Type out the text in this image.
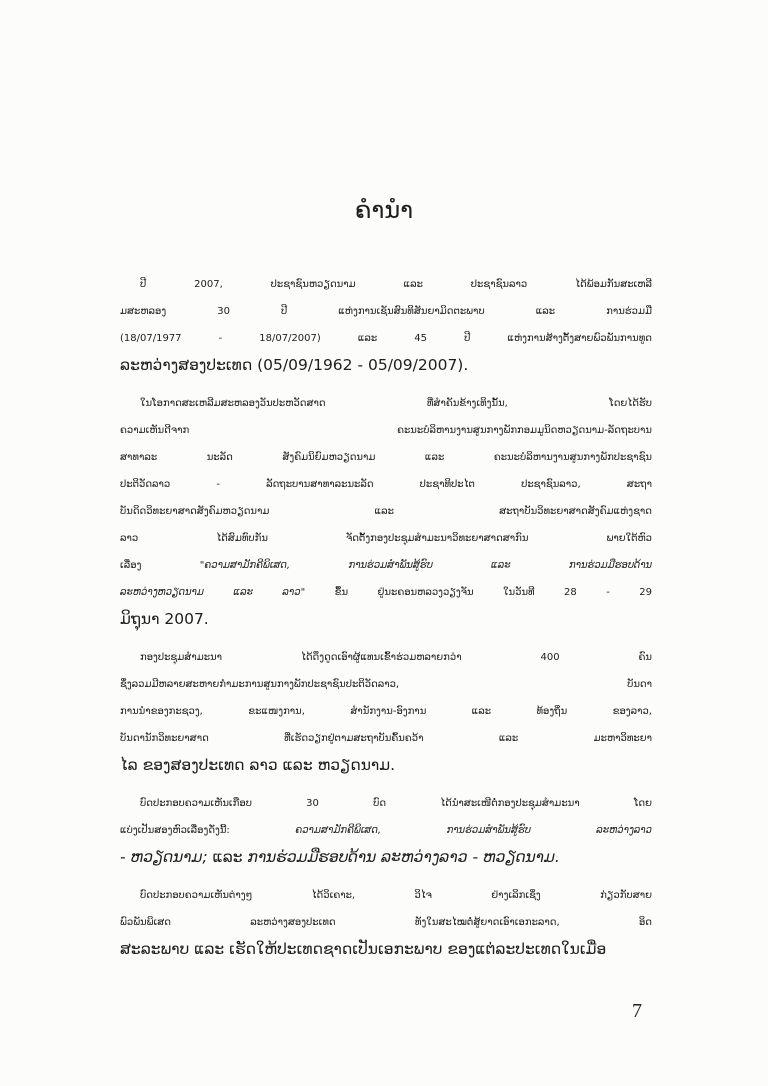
ຄຳນຳ
ປີ 2007, ປະຊາຊົນຫວຽດນາມ ແລະ ປະຊາຊົນລາວ ໄດ້ພ້ອມກັນສະເຫລີ
ມສະຫລອງ 30 ປີ ແຫ່ງການເຊັນສົນທິສັນຍາມິດຕະພາບ ແລະ ການຮ່ວມມື
(18/07/1977 - 18/07/2007) ແລະ 45 ປີ ແຫ່ງການສ້າງຕັ້ງສາຍພົວພັນການທູດ
ລະຫວ່າງສອງປະເທດ (05/09/1962 - 05/09/2007).
ໃນໂອກາດສະເຫລີມສະຫລອງວັນປະຫວັດສາດ ທີ່ສຳຄັນຂ້າງເທິງນັ້ນ, ໂດຍໄດ້ຮັບ
ຄວາມເຫັນດີຈາກ ຄະນະບໍລິຫານງານສູນກາງພັກກອມມູນິດຫວຽດນາມ-ລັດຖະບານ
ສາທາລະ ນະລັດ ສັງຄົມນິຍົມຫວຽດນາມ ແລະ ຄະນະບໍລິຫານງານສູນກາງພັກປະຊາຊົນ
ປະຕິວັດລາວ - ລັດຖະບານສາທາລະນະລັດ ປະຊາທິປະໄຕ ປະຊາຊົນລາວ, ສະຖາ
ບັນດິດວິທະຍາສາດສັງຄົມຫວຽດນາມ ແລະ ສະຖາບັນວິທະຍາສາດສັງຄົມແຫ່ງຊາດ
ລາວ ໄດ້ສົມທົບກັນ ຈັດຕັ້ງກອງປະຊຸມສຳມະນາວິທະຍາສາດສາກົນ ພາຍໃຕ້ຫົວ
ເລື່ອງ "ຄວາມສາມັກຄີພິເສດ, ການຮ່ວມສຳພັນສູ້ຮົບ ແລະ ການຮ່ວມມືຮອບດ້ານ
ລະຫວ່າງຫວຽດນາມ ແລະ ລາວ" ຂຶ້ນ ຢູ່ນະຄອນຫລວງວຽງຈັນ ໃນວັນທີ 28 - 29
ມິຖຸນາ 2007.
ກອງປະຊຸມສຳມະນາ ໄດ້ດຶງດູດເອົາຜູ້ແທນເຂົ້າຮ່ວມຫລາຍກວ່າ 400 ຄົນ
ຊຶ່ງລວມມີຫລາຍສະຫາຍກຳມະການສູນກາງພັກປະຊາຊົນປະຕິວັດລາວ, ບັນດາ
ການນຳຂອງກະຊວງ, ຂະແໜງການ, ສຳນັກງານ-ອົງການ ແລະ ທ້ອງຖິ່ນ ຂອງລາວ,
ບັນດານັກວິທະຍາສາດ ທີ່ເຮັດວຽກຢູ່ຕາມສະຖາບັນຄົ້ນຄວ້າ ແລະ ມະຫາວິທະຍາ
ໄລ ຂອງສອງປະເທດ ລາວ ແລະ ຫວຽດນາມ.
ບົດປະກອບຄວາມເຫັນເກືອບ 30 ບົດ ໄດ້ນຳສະເໜີຕໍ່ກອງປະຊຸມສຳມະນາ ໂດຍ
ແບ່ງເປັນສອງຫົວເລື່ອງດັ່ງນີ້: ຄວາມສາມັກຄີພິເສດ, ການຮ່ວມສຳພັນສູ້ຮົບ ລະຫວ່າງລາວ
- ຫວຽດນາມ; ແລະ ການຮ່ວມມືຮອບດ້ານ ລະຫວ່າງລາວ - ຫວຽດນາມ.
ບົດປະກອບຄວາມເຫັນຕ່າງໆ ໄດ້ວິເຄາະ, ວິໄຈ ຢ່າງເລິກເຊິ່ງ ກ່ຽວກັບສາຍ
ພົວພັນພິເສດ ລະຫວ່າງສອງປະເທດ ທັງໃນສະໄໝຕໍ່ສູ້ຍາດເອົາເອກະລາດ, ອິດ
ສະລະພາບ ແລະ ເຮັດໃຫ້ປະເທດຊາດເປັນເອກະພາບ ຂອງແຕ່ລະປະເທດໃນເມື່ອ
7
